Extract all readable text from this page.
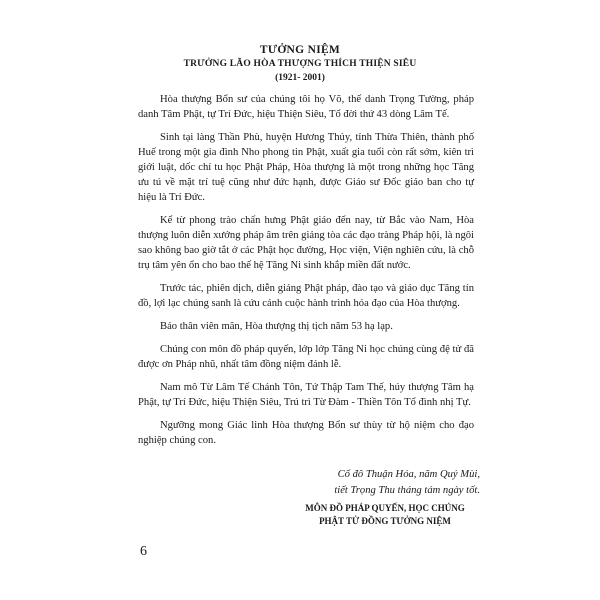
TƯỞNG NIỆM
TRƯỞNG LÃO HÒA THƯỢNG THÍCH THIỆN SIÊU
(1921- 2001)

Hòa thượng Bổn sư của chúng tôi họ Võ, thế danh Trọng Tường, pháp danh Tâm Phật, tự Trí Đức, hiệu Thiện Siêu, Tổ đời thứ 43 dòng Lâm Tế.

Sinh tại làng Thần Phù, huyện Hương Thủy, tỉnh Thừa Thiên, thành phố Huế trong một gia đình Nho phong tin Phật, xuất gia tuổi còn rất sớm, kiên trì giới luật, dốc chí tu học Phật Pháp, Hòa thượng là một trong những học Tăng ưu tú về mặt trí tuệ cũng như đức hạnh, được Giáo sư Đốc giáo ban cho tự hiệu là Trí Đức.

Kể từ phong trào chấn hưng Phật giáo đến nay, từ Bắc vào Nam, Hòa thượng luôn diễn xướng pháp âm trên giảng tòa các đạo tràng Pháp hội, là ngôi sao không bao giờ tắt ở các Phật học đường, Học viện, Viện nghiên cứu, là chỗ trụ tâm yên ổn cho bao thế hệ Tăng Ni sinh khắp miền đất nước.

Trước tác, phiên dịch, diễn giảng Phật pháp, đào tạo và giáo dục Tăng tín đồ, lợi lạc chúng sanh là cứu cánh cuộc hành trình hóa đạo của Hòa thượng.

Báo thân viên mãn, Hòa thượng thị tịch năm 53 hạ lạp.

Chúng con môn đồ pháp quyến, lớp lớp Tăng Ni học chúng cùng đệ tử đã được ơn Pháp nhũ, nhất tâm đồng niệm đảnh lễ.

Nam mô Từ Lâm Tế Chánh Tôn, Tứ Thập Tam Thế, húy thượng Tâm hạ Phật, tự Trí Đức, hiệu Thiện Siêu, Trú trì Từ Đàm - Thiền Tôn Tổ đình nhị Tự.

Ngưỡng mong Giác linh Hòa thượng Bổn sư thùy từ hộ niệm cho đạo nghiệp chúng con.

Cố đô Thuận Hóa, năm Quý Mùi,
tiết Trọng Thu tháng tám ngày tốt.
MÔN ĐỒ PHÁP QUYẾN, HỌC CHÚNG
PHẬT TỬ ĐỒNG TƯỞNG NIỆM
6
